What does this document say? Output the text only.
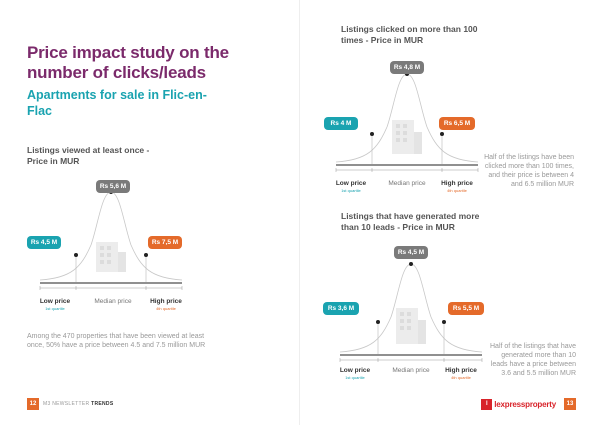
Price impact study on the number of clicks/leads
Apartments for sale in Flic-en-Flac
Listings viewed at least once - Price in MUR
Rs 5,6 M
Rs 4,5 M	Rs 7,5 M
Low price
1st quartile
Median price	High price
4th quartile

Among the 470 properties that have been viewed at least once, 50% have a price between 4.5 and 7.5 million MUR

12	M3 NEWSLETTER TRENDS
Listings clicked on more than 100 times - Price in MUR
Rs 4,8 M
Rs 4 M	Rs 6,5 M
Low price
1st quartile
Median price	High price
4th quartile

Half of the listings have been clicked more than 100 times, and their price is between 4 and 6.5 million MUR

Listings that have generated more than 10 leads - Price in MUR
Rs 4,5 M
Rs 3,6 M	Rs 5,5 M
Low price
1st quartile
Median price	High price
4th quartile

Half of the listings that have generated more than 10 leads have a price between 3.6 and 5.5 million MUR

l lexpressproperty	13
